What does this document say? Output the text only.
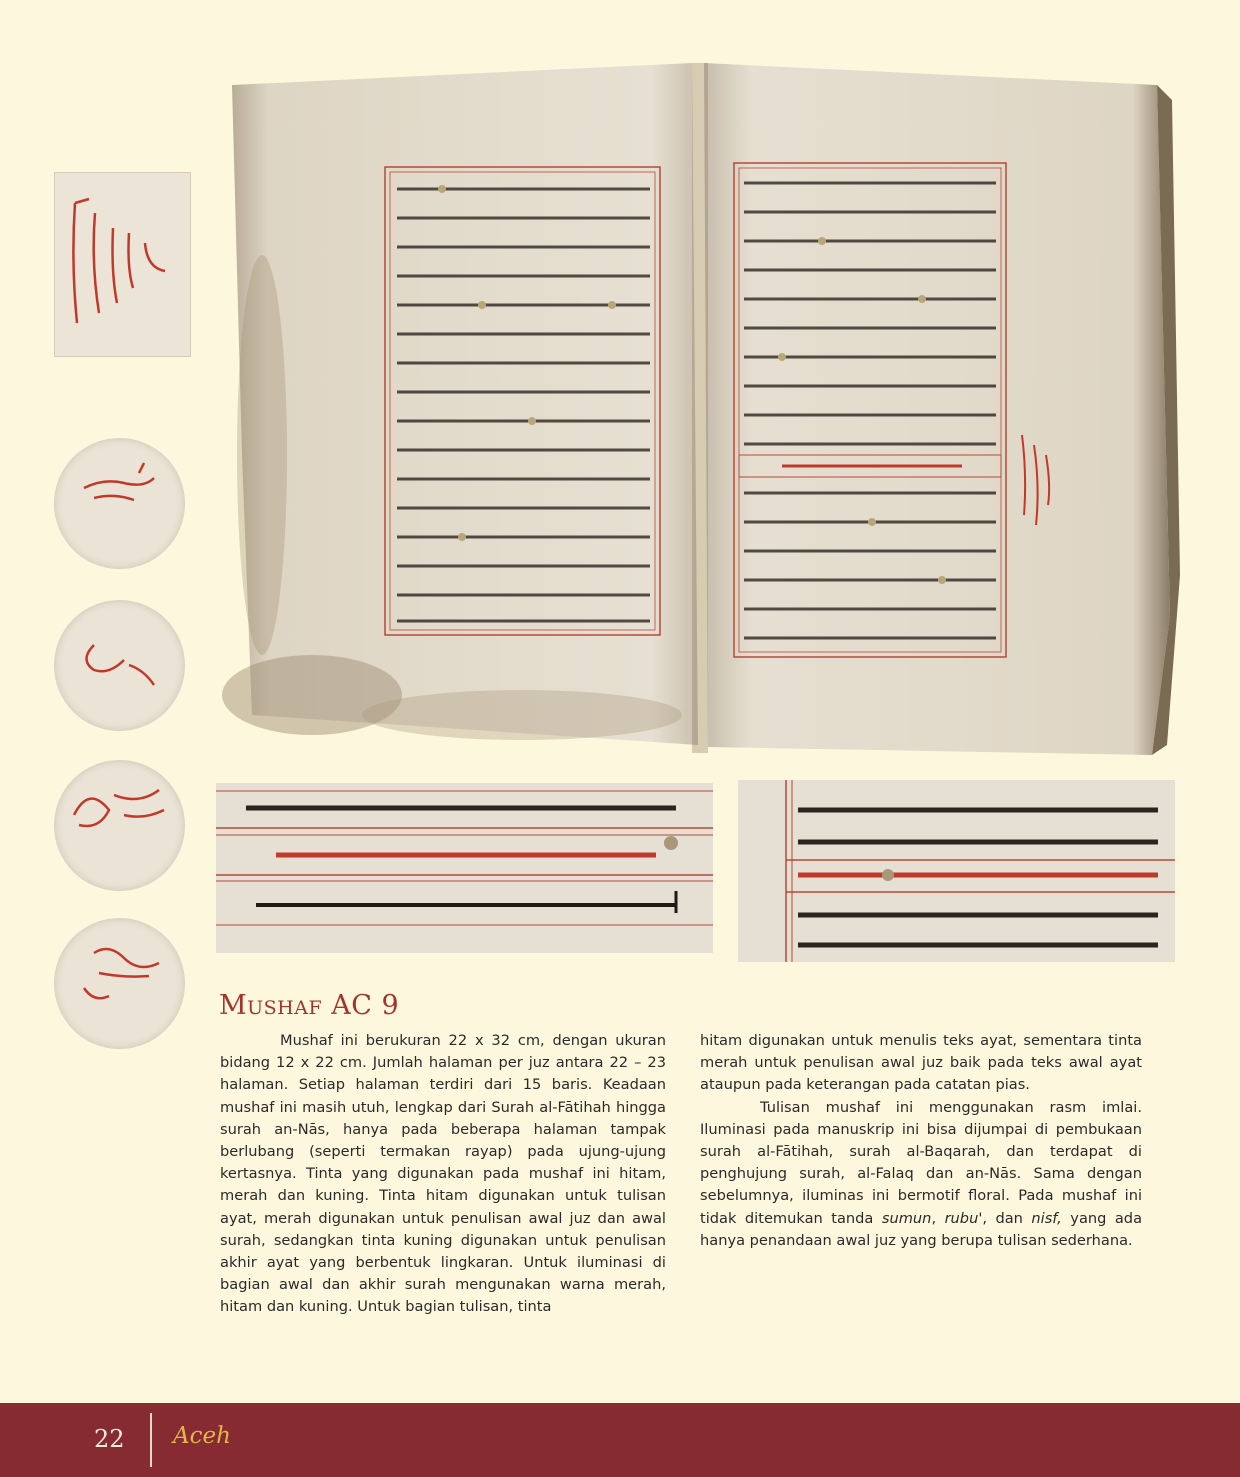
Mushaf AC 9

Mushaf ini berukuran 22 x 32 cm, dengan ukuran bidang 12 x 22 cm. Jumlah halaman per juz antara 22 – 23 halaman. Setiap halaman terdiri dari 15 baris. Keadaan mushaf ini masih utuh, lengkap dari Surah al-Fātihah hingga surah an-Nās, hanya pada beberapa halaman tampak berlubang (seperti termakan rayap) pada ujung-ujung kertasnya. Tinta yang digunakan pada mushaf ini hitam, merah dan kuning. Tinta hitam digunakan untuk tulisan ayat, merah digunakan untuk penulisan awal juz dan awal surah, sedangkan tinta kuning digunakan untuk penulisan akhir ayat yang berbentuk lingkaran. Untuk iluminasi di bagian awal dan akhir surah mengunakan warna merah, hitam dan kuning. Untuk bagian tulisan, tinta

hitam digunakan untuk menulis teks ayat, sementara tinta merah untuk penulisan awal juz baik pada teks awal ayat ataupun pada keterangan pada catatan pias.

Tulisan mushaf ini menggunakan rasm imlai. Iluminasi pada manuskrip ini bisa dijumpai di pembukaan surah al-Fātihah, surah al-Baqarah, dan terdapat di penghujung surah, al-Falaq dan an-Nās. Sama dengan sebelumnya, iluminas ini bermotif floral. Pada mushaf ini tidak ditemukan tanda sumun, rubu', dan nisf, yang ada hanya penandaan awal juz yang berupa tulisan sederhana.

22 Aceh
